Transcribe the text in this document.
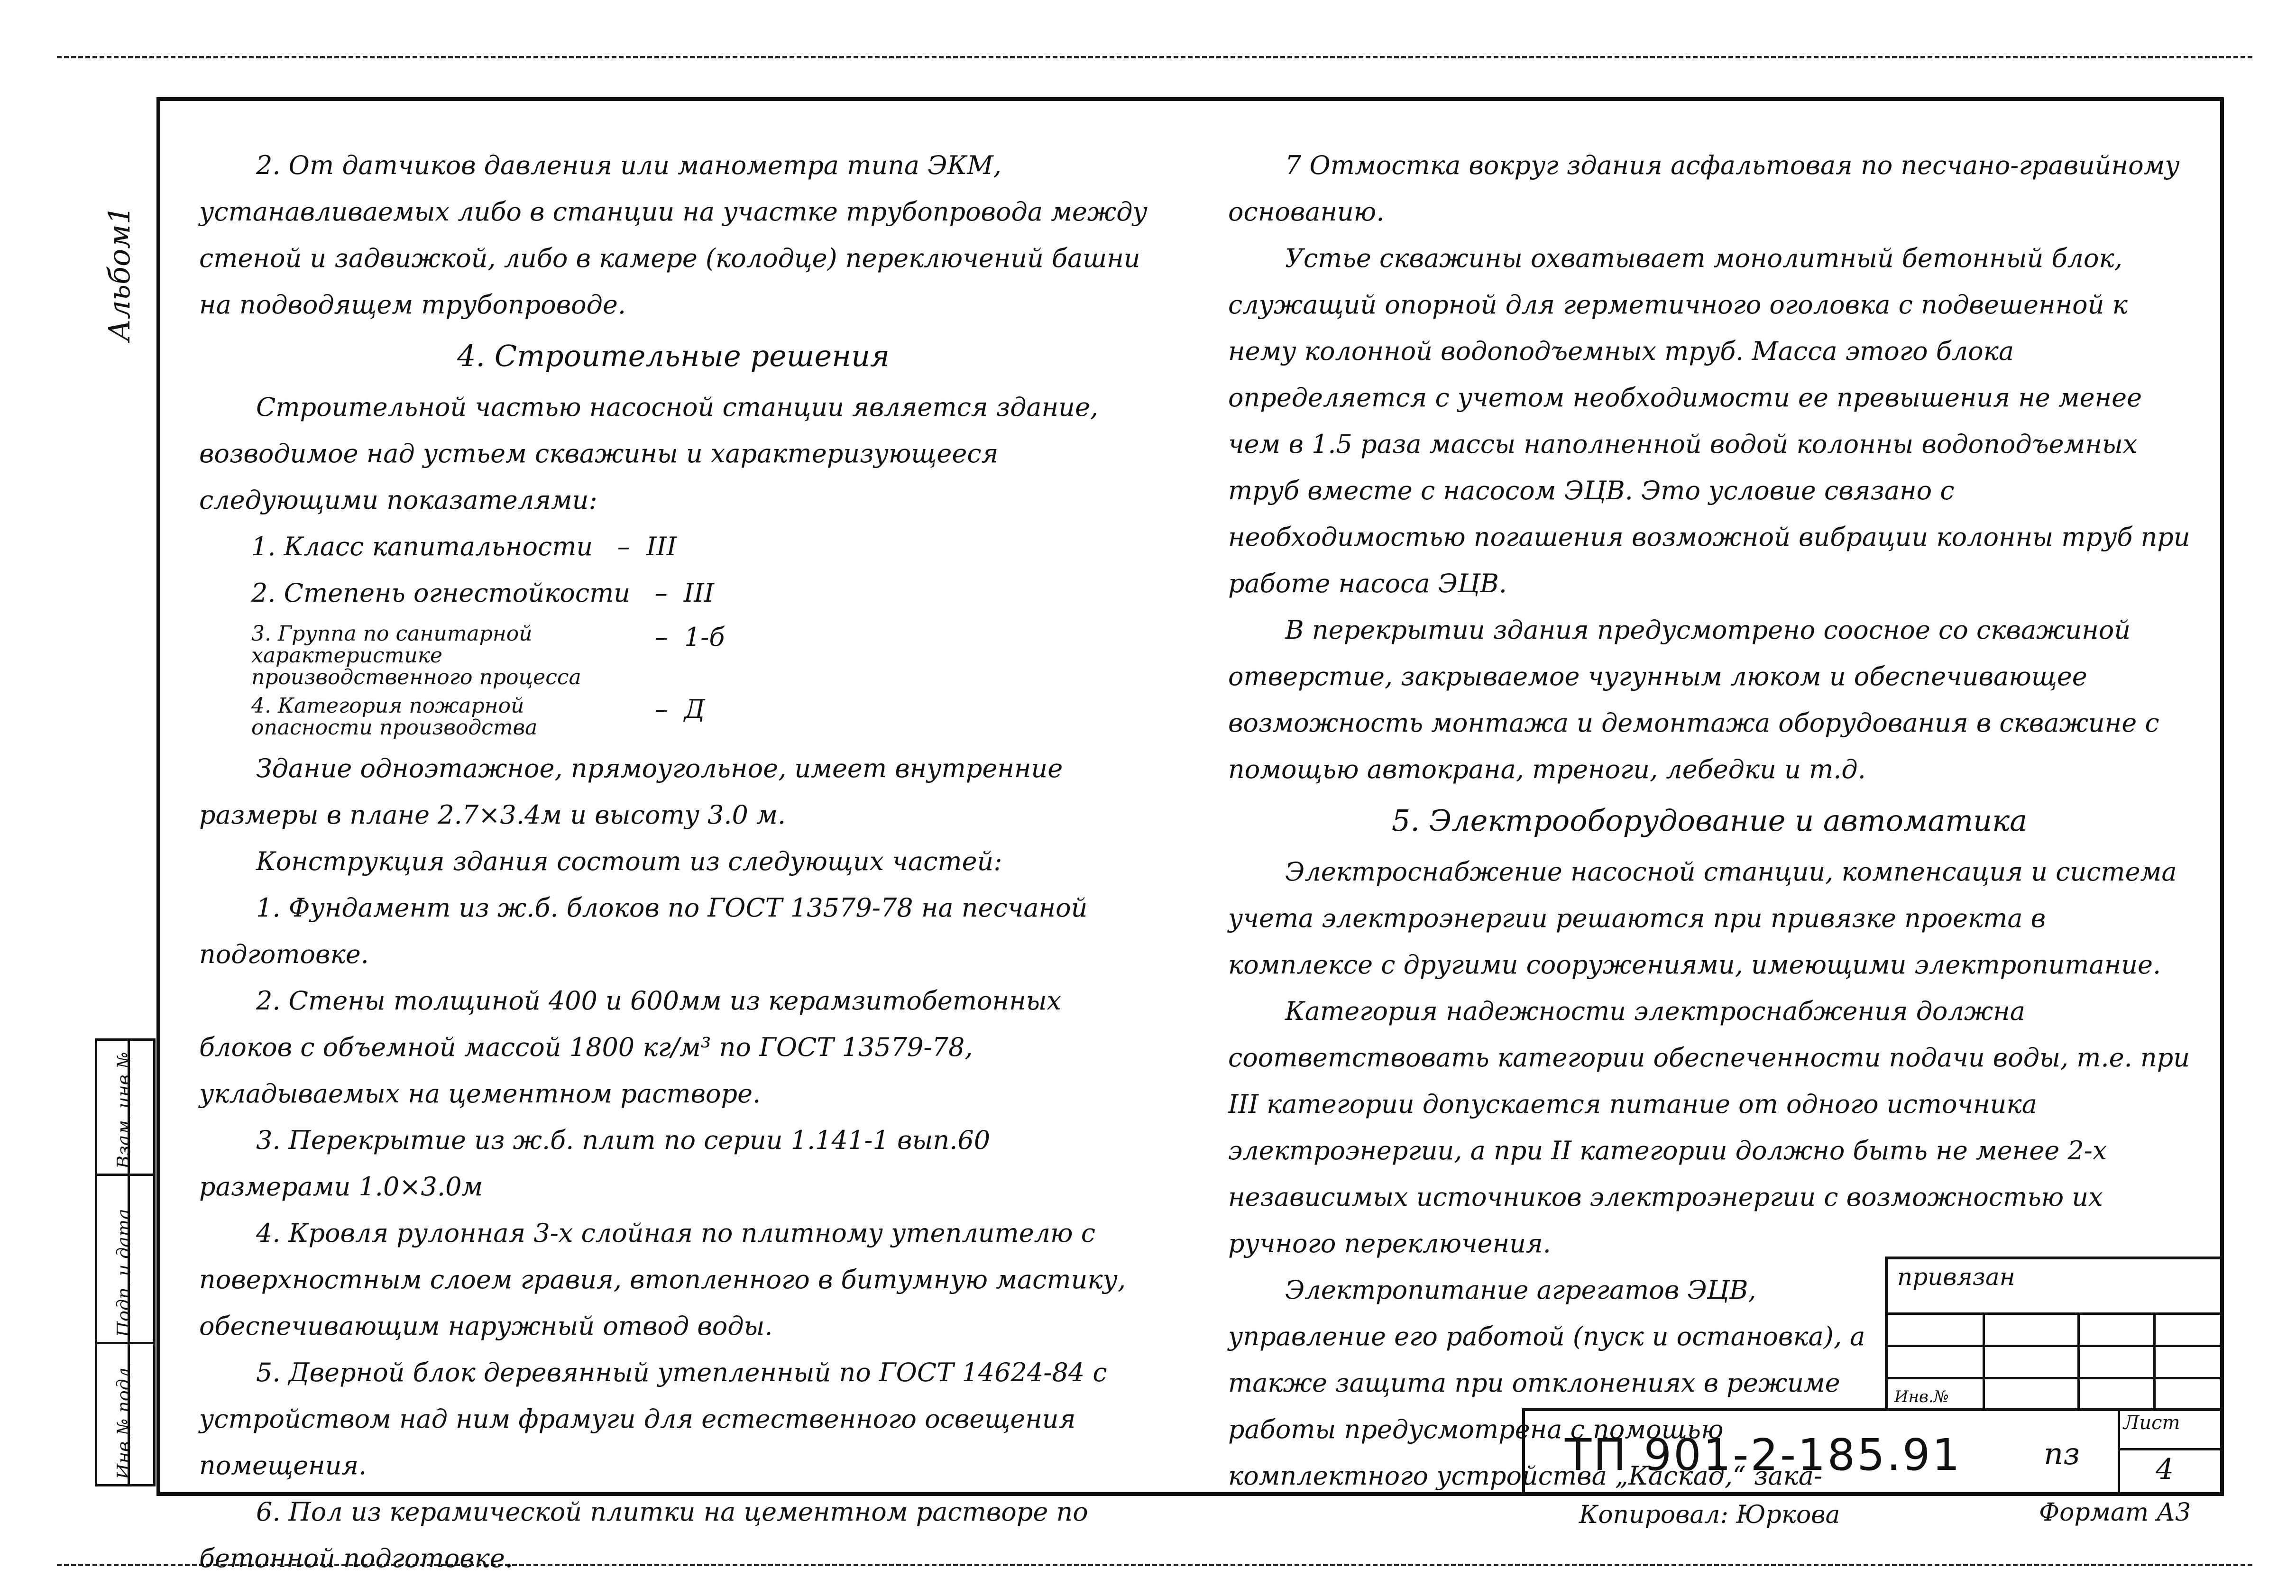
Альбом1
Взам. инв.№
Подп. и дата
Инв.№ подл.

2. От датчиков давления или манометра типа ЭКМ, устанавливаемых либо в станции на участке трубопровода между стеной и задвижкой, либо в камере (колодце) переключений башни на подводящем трубопроводе.

4. Строительные решения

Строительной частью насосной станции является здание, возводимое над устьем скважины и характеризующееся следующими показателями:

1. Класс капитальности   –  III

2. Степень огнестойкости   –  III

3. Группа по санитарной характеристике производственного процесса   –  1-б

4. Категория пожарной опасности производства   –  Д

Здание одноэтажное, прямоугольное, имеет внутренние размеры в плане 2.7×3.4м и высоту 3.0 м.

Конструкция здания состоит из следующих частей:

1. Фундамент из ж.б. блоков по ГОСТ 13579-78 на песчаной подготовке.

2. Стены толщиной 400 и 600мм из керамзитобетонных блоков с объемной массой 1800 кг/м³ по ГОСТ 13579-78, укладываемых на цементном растворе.

3. Перекрытие из ж.б. плит по серии 1.141-1 вып.60 размерами 1.0×3.0м

4. Кровля рулонная 3-х слойная по плитному утеплителю с поверхностным слоем гравия, втопленного в битумную мастику, обеспечивающим наружный отвод воды.

5. Дверной блок деревянный утепленный по ГОСТ 14624-84 с устройством над ним фрамуги для естественного освещения помещения.

6. Пол из керамической плитки на цементном растворе по бетонной подготовке.

7 Отмостка вокруг здания асфальтовая по песчано-гравийному основанию.

Устье скважины охватывает монолитный бетонный блок, служащий опорной для герметичного оголовка с подвешенной к нему колонной водоподъемных труб. Масса этого блока определяется с учетом необходимости ее превышения не менее чем в 1.5 раза массы наполненной водой колонны водоподъемных труб вместе с насосом ЭЦВ. Это условие связано с необходимостью погашения возможной вибрации колонны труб при работе насоса ЭЦВ.

В перекрытии здания предусмотрено соосное со скважиной отверстие, закрываемое чугунным люком и обеспечивающее возможность монтажа и демонтажа оборудования в скважине с помощью автокрана, треноги, лебедки и т.д.

5. Электрооборудование и автоматика

Электроснабжение насосной станции, компенсация и система учета электроэнергии решаются при привязке проекта в комплексе с другими сооружениями, имеющими электропитание.

Категория надежности электроснабжения должна соответствовать категории обеспеченности подачи воды, т.е. при III категории допускается питание от одного источника электроэнергии, а при II категории должно быть не менее 2-х независимых источников электроэнергии с возможностью их ручного переключения.

Электропитание агрегатов ЭЦВ, управление его работой (пуск и остановка), а также защита при отклонениях в режиме работы предусмотрена с помощью комплектного устройства „Каскад,“ зака-

привязан
Инв.№
Лист
4
ТП 901-2-185.91	пз
Копировал: Юркова	Формат А3
